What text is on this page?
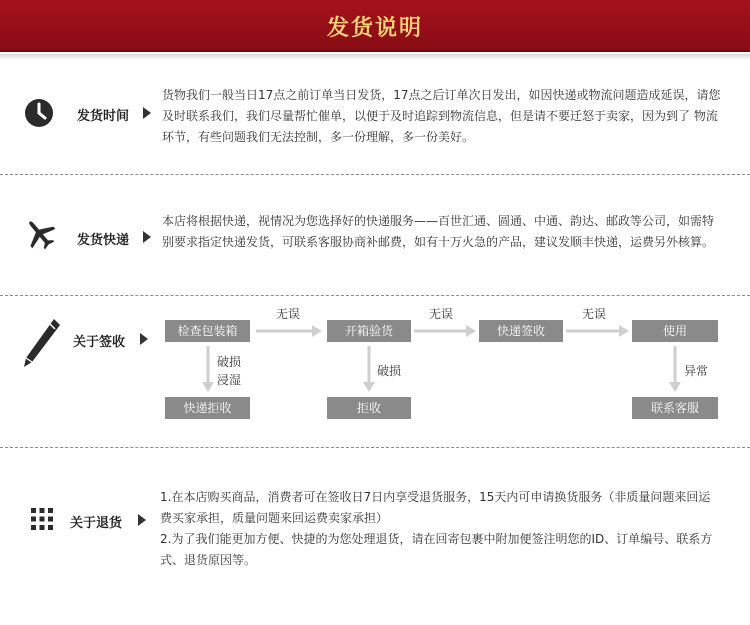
发货说明
发货时间
货物我们一般当日17点之前订单当日发货，17点之后订单次日发出，如因快递或物流问题造成延误，请您及时联系我们，我们尽量帮忙催单，以便于及时追踪到物流信息，但是请不要迁怒于卖家，因为到了 物流环节，有些问题我们无法控制，多一份理解，多一份美好。
发货快递
本店将根据快递，视情况为您选择好的快递服务——百世汇通、圆通、中通、韵达、邮政等公司，如需特别要求指定快递发货，可联系客服协商补邮费，如有十万火急的产品，建议发顺丰快递，运费另外核算。
关于签收
检查包装箱	开箱验货	快递签收	使用
无误	无误	无误
破损
浸湿
快递拒收
破损
拒收
异常
联系客服
关于退货
1.在本店购买商品，消费者可在签收日7日内享受退货服务，15天内可申请换货服务（非质量问题来回运费买家承担，质量问题来回运费卖家承担）
2.为了我们能更加方便、快捷的为您处理退货，请在回寄包裹中附加便签注明您的ID、订单编号、联系方式、退货原因等。
